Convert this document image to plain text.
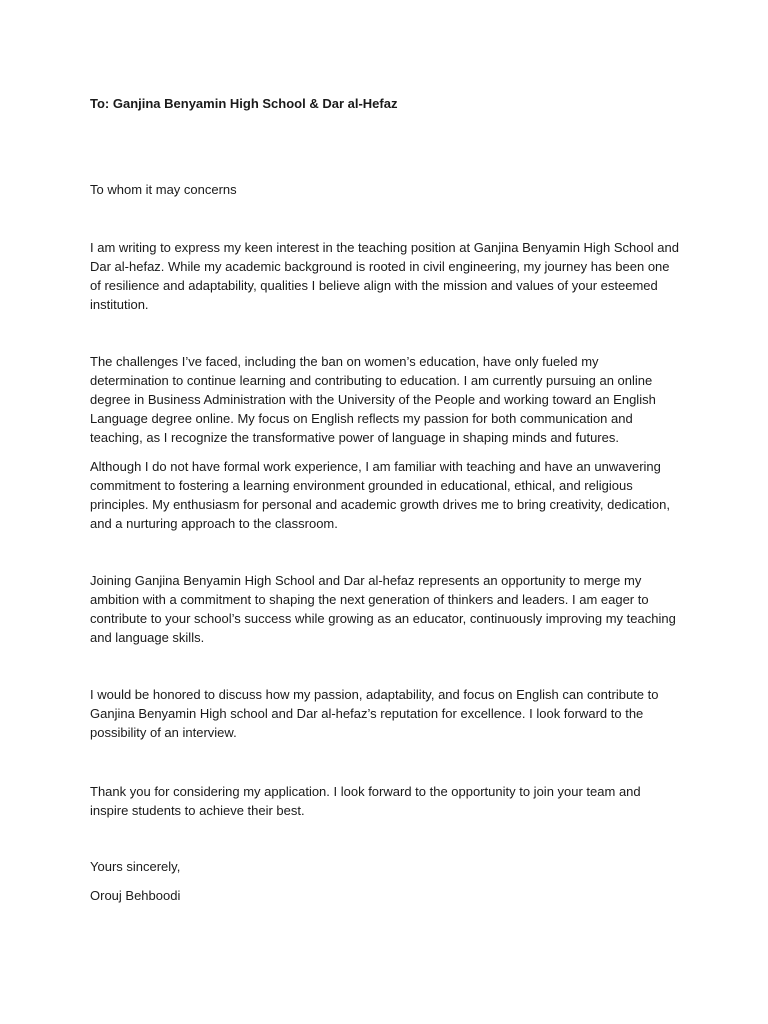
To: Ganjina Benyamin High School & Dar al-Hefaz

To whom it may concerns

I am writing to express my keen interest in the teaching position at Ganjina Benyamin High School and Dar al-hefaz. While my academic background is rooted in civil engineering, my journey has been one of resilience and adaptability, qualities I believe align with the mission and values of your esteemed institution.

The challenges I’ve faced, including the ban on women’s education, have only fueled my determination to continue learning and contributing to education. I am currently pursuing an online degree in Business Administration with the University of the People and working toward an English Language degree online. My focus on English reflects my passion for both communication and teaching, as I recognize the transformative power of language in shaping minds and futures.

Although I do not have formal work experience, I am familiar with teaching and have an unwavering commitment to fostering a learning environment grounded in educational, ethical, and religious principles. My enthusiasm for personal and academic growth drives me to bring creativity, dedication, and a nurturing approach to the classroom.

Joining Ganjina Benyamin High School and Dar al-hefaz represents an opportunity to merge my ambition with a commitment to shaping the next generation of thinkers and leaders. I am eager to contribute to your school’s success while growing as an educator, continuously improving my teaching and language skills.

I would be honored to discuss how my passion, adaptability, and focus on English can contribute to Ganjina Benyamin High school and Dar al-hefaz’s reputation for excellence. I look forward to the possibility of an interview.

Thank you for considering my application. I look forward to the opportunity to join your team and inspire students to achieve their best.

Yours sincerely,

Orouj Behboodi
